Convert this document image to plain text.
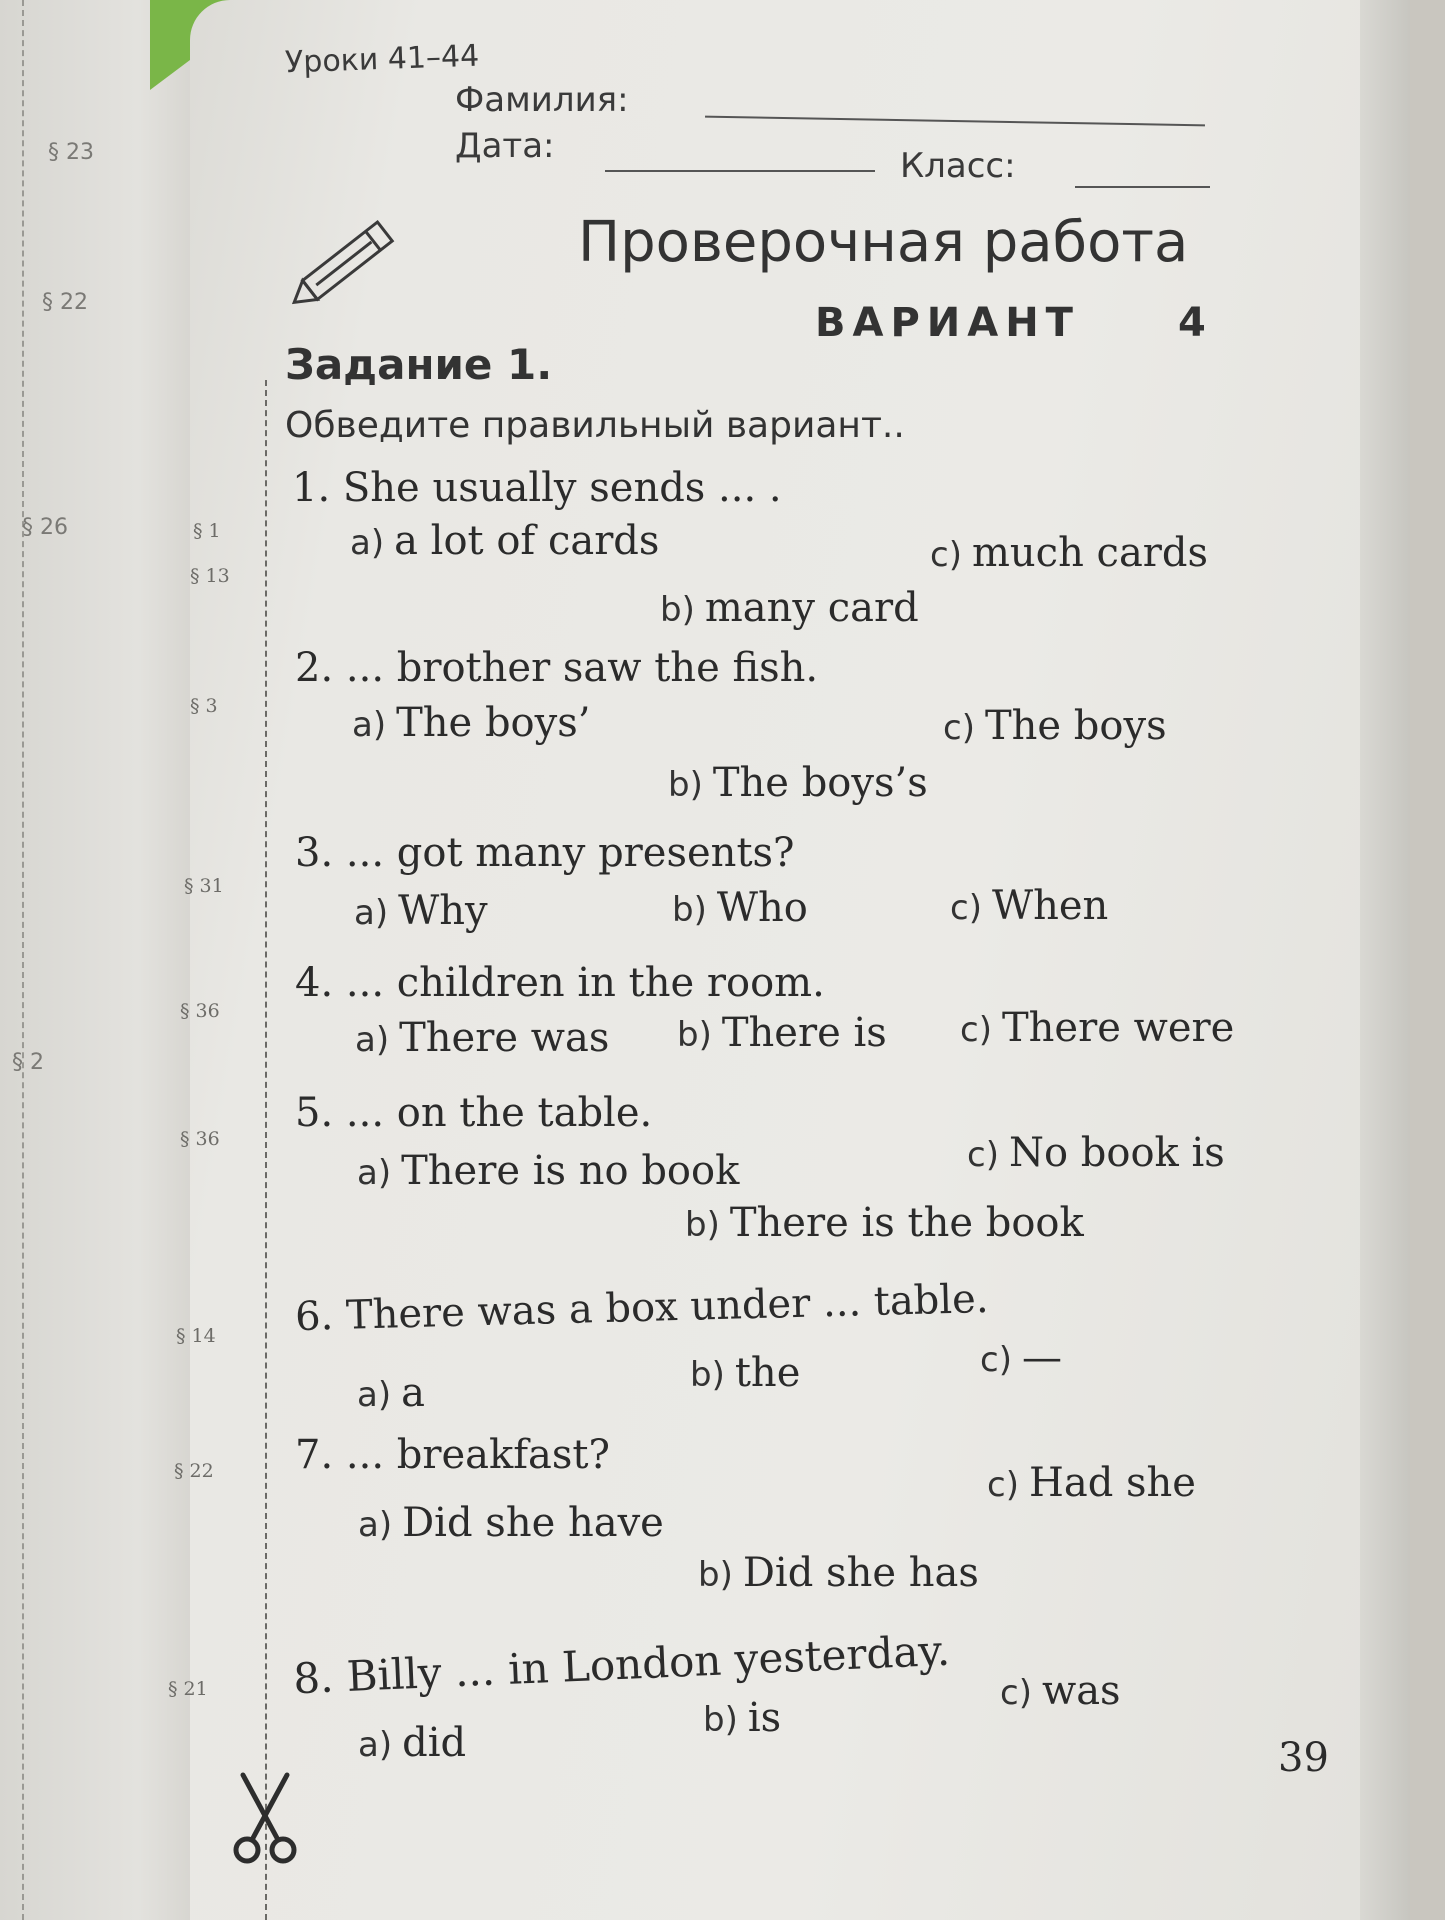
§ 23
§ 22
§ 26
§ 2
Уроки 41–44
Фамилия:
Дата:	Класс:
Проверочная работа
ВАРИАНТ 4
Задание 1.
Обведите правильный вариант..
§ 1
§ 13
§ 3
§ 31
§ 36
§ 36
§ 14
§ 22
§ 21
1. She usually sends ... .
a) a lot of cards
b) many card
c) much cards
2. ... brother saw the fish.
a) The boys’
b) The boys’s
c) The boys
3. ... got many presents?
a) Why	b) Who	c) When
4. ... children in the room.
a) There was b) There is c) There were
5. ... on the table.
a) There is no book
b) There is the book
c) No book is
6. There was a box under ... table.
a) a	b) the	c) —
7. ... breakfast?
a) Did she have
b) Did she has
c) Had she
8. Billy ... in London yesterday.
a) did	b) is
c) was
39
